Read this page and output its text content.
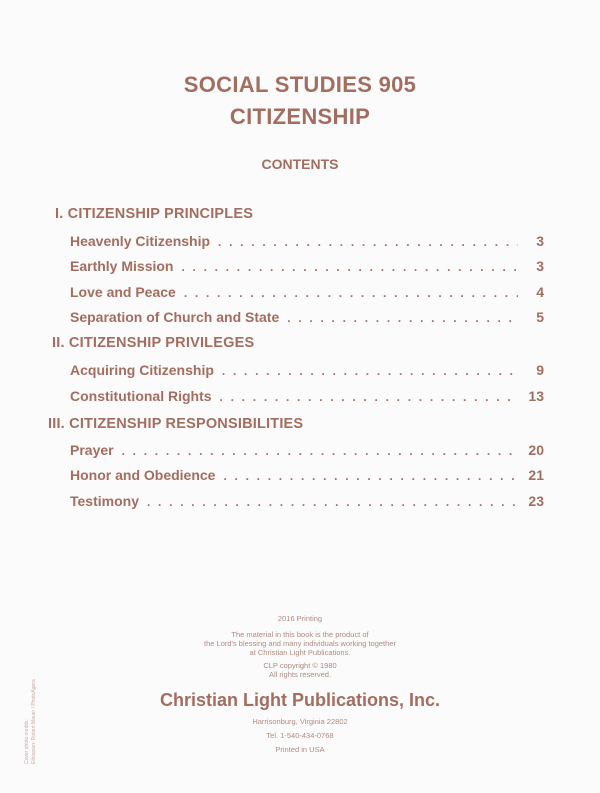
SOCIAL STUDIES 905
CITIZENSHIP
CONTENTS
I. CITIZENSHIP PRINCIPLES
Heavenly Citizenship . . .	3
Earthly Mission . . .	3
Love and Peace . . .	4
Separation of Church and State . . .	5
II. CITIZENSHIP PRIVILEGES
Acquiring Citizenship . . .	9
Constitutional Rights . . .	13
III. CITIZENSHIP RESPONSIBILITIES
Prayer . . .	20
Honor and Obedience . . .	21
Testimony . . .	23
2016 Printing
The material in this book is the product of
the Lord's blessing and many individuals working together
at Christian Light Publications.
CLP copyright © 1980
All rights reserved.
Christian Light Publications, Inc.
Harrisonburg, Virginia 22802
Tel. 1-540-434-0768
Printed in USA
Cover photo credits: Ethiopian: Robert Mauer / PhotoAgora
